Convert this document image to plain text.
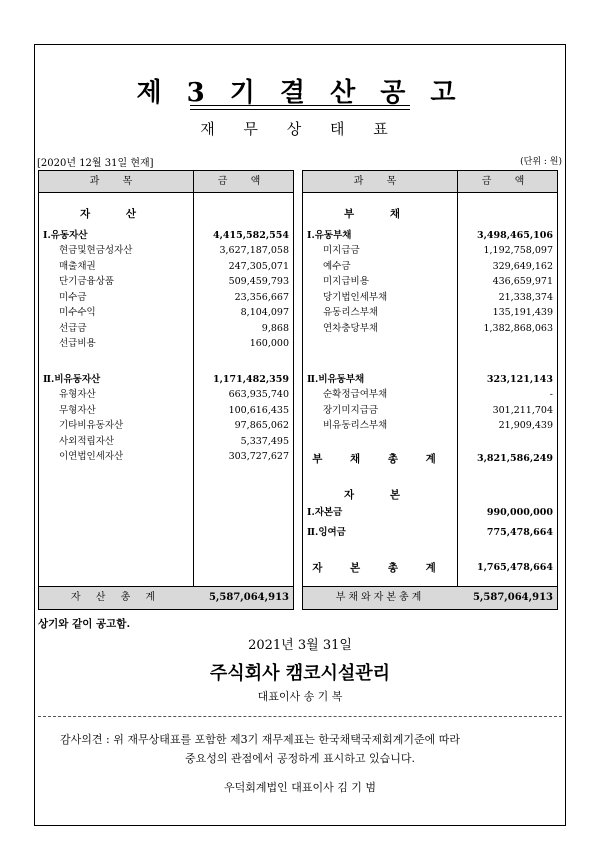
제 3 기 결 산 공 고
재 무 상 태 표
[2020년 12월 31일 현재]	(단위 : 원)
과 목	금 액
자 산
Ⅰ.유동자산	4,415,582,554
현금및현금성자산	3,627,187,058
매출채권	247,305,071
단기금융상품	509,459,793
미수금	23,356,667
미수수익	8,104,097
선급금	9,868
선급비용	160,000
Ⅱ.비유동자산	1,171,482,359
유형자산	663,935,740
무형자산	100,616,435
기타비유동자산	97,865,062
사외적립자산	5,337,495
이연법인세자산	303,727,627
자 산 총 계	5,587,064,913
과 목	금 액
부 채
Ⅰ.유동부채	3,498,465,106
미지급금	1,192,758,097
예수금	329,649,162
미지급비용	436,659,971
당기법인세부채	21,338,374
유동리스부채	135,191,439
연차충당부채	1,382,868,063
Ⅱ.비유동부채	323,121,143
순확정급여부채	-
장기미지급금	301,211,704
비유동리스부채	21,909,439
부 채 총 계	3,821,586,249
자 본
Ⅰ.자본금	990,000,000
Ⅱ.잉여금	775,478,664
자 본 총 계	1,765,478,664
부채와자본총계	5,587,064,913
상기와 같이 공고함.
2021년 3월 31일
주식회사 캠코시설관리
대표이사 송 기 복
감사의견 : 위 재무상태표를 포함한 제3기 재무제표는 한국채택국제회계기준에 따라
중요성의 관점에서 공정하게 표시하고 있습니다.
우덕회계법인 대표이사 김 기 범
